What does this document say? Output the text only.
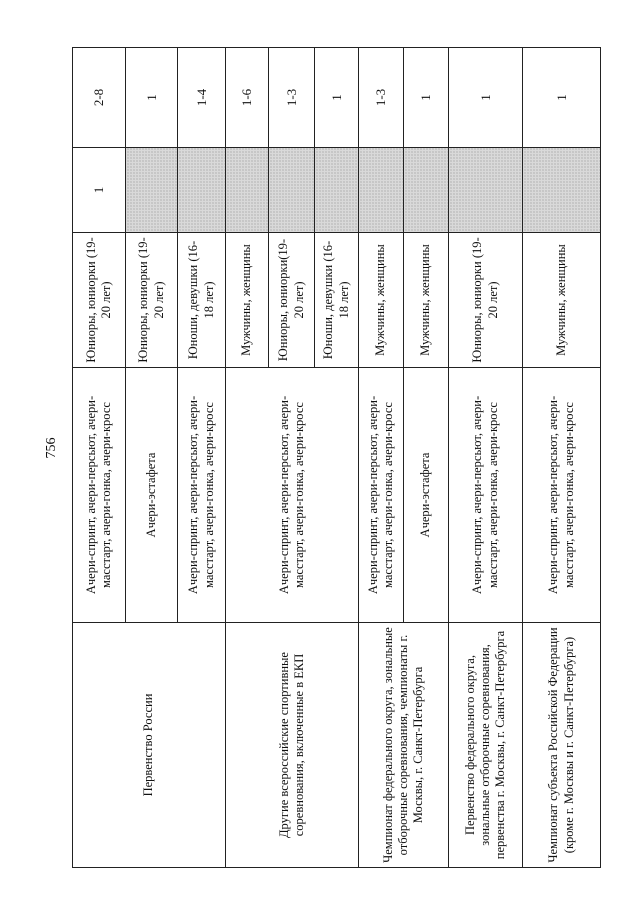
756
Первенство России	Ачери-спринт, ачери-персьют, ачери-масстарт, ачери-гонка, ачери-кросс	Юниоры, юниорки (19-20 лет)	1	2-8
	Ачери-эстафета	Юниоры, юниорки (19-20 лет)		1
	Ачери-спринт, ачери-персьют, ачери-масстарт, ачери-гонка, ачери-кросс	Юноши, девушки (16-18 лет)		1-4
Другие всероссийские спортивные соревнования, включенные в ЕКП	Ачери-спринт, ачери-персьют, ачери-масстарт, ачери-гонка, ачери-кросс	Мужчины, женщины		1-6
		Юниоры, юниорки(19-20 лет)		1-3
		Юноши, девушки (16-18 лет)		1
Чемпионат федерального округа, зональные отборочные соревнования, чемпионаты г. Москвы, г. Санкт-Петербурга	Ачери-спринт, ачери-персьют, ачери-масстарт, ачери-гонка, ачери-кросс	Мужчины, женщины		1-3
	Ачери-эстафета	Мужчины, женщины		1
Первенство федерального округа, зональные отборочные соревнования, первенства г. Москвы, г. Санкт-Петербурга	Ачери-спринт, ачери-персьют, ачери-масстарт, ачери-гонка, ачери-кросс	Юниоры, юниорки (19-20 лет)		1
Чемпионат субъекта Российской Федерации (кроме г. Москвы и г. Санкт-Петербурга)	Ачери-спринт, ачери-персьют, ачери-масстарт, ачери-гонка, ачери-кросс	Мужчины, женщины		1
